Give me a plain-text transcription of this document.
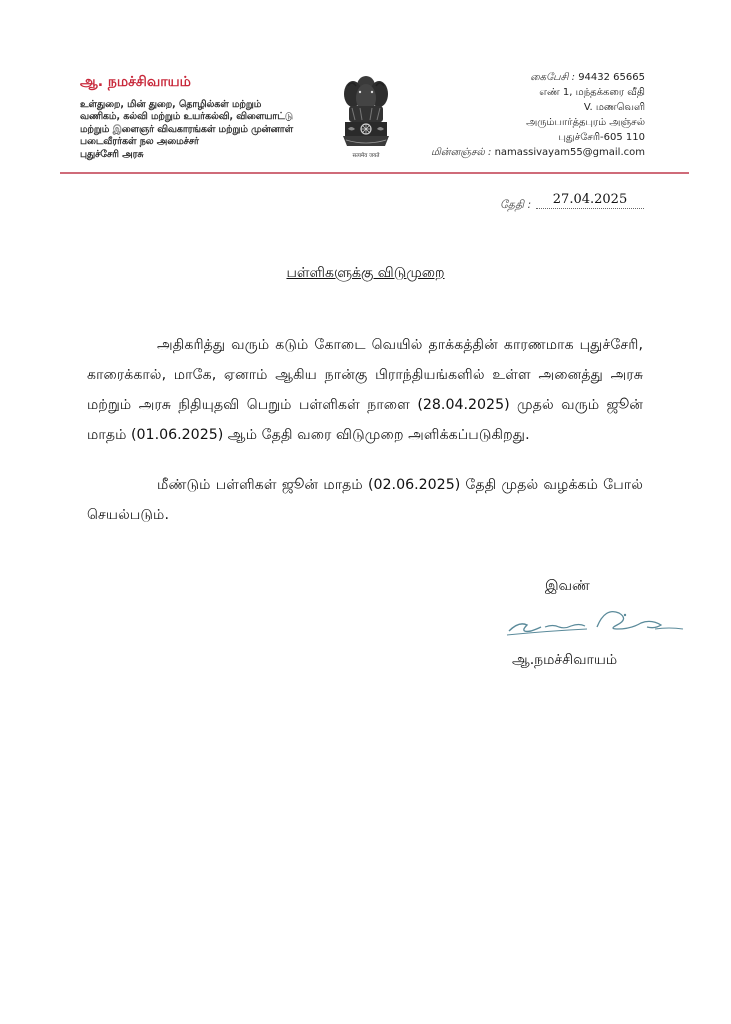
ஆ. நமச்சிவாயம்
உள்துறை, மின் துறை, தொழில்கள் மற்றும்
வணிகம், கல்வி மற்றும் உயர்கல்வி, விளையாட்டு
மற்றும் இளைஞர் விவகாரங்கள் மற்றும் முன்னாள்
படைவீரர்கள் நல அமைச்சர்
புதுச்சேரி அரசு	सत्यमेव जयते
கைபேசி : 94432 65665
எண் 1, மந்தக்கரை வீதி
V. மணவெளி
அரும்பார்த்தபுரம் அஞ்சல்
புதுச்சேரி-605 110
மின்னஞ்சல் : namassivayam55@gmail.com
தேதி :	27.04.2025
பள்ளிகளுக்கு விடுமுறை

அதிகரித்து வரும் கடும் கோடை வெயில் தாக்கத்தின் காரணமாக புதுச்சேரி, காரைக்கால், மாகே, ஏனாம் ஆகிய நான்கு பிராந்தியங்களில் உள்ள அனைத்து அரசு மற்றும் அரசு நிதியுதவி பெறும் பள்ளிகள் நாளை (28.04.2025) முதல் வரும் ஜூன் மாதம் (01.06.2025) ஆம் தேதி வரை விடுமுறை அளிக்கப்படுகிறது.

மீண்டும் பள்ளிகள் ஜூன் மாதம் (02.06.2025) தேதி முதல் வழக்கம் போல் செயல்படும்.

இவண்
ஆ.நமச்சிவாயம்
